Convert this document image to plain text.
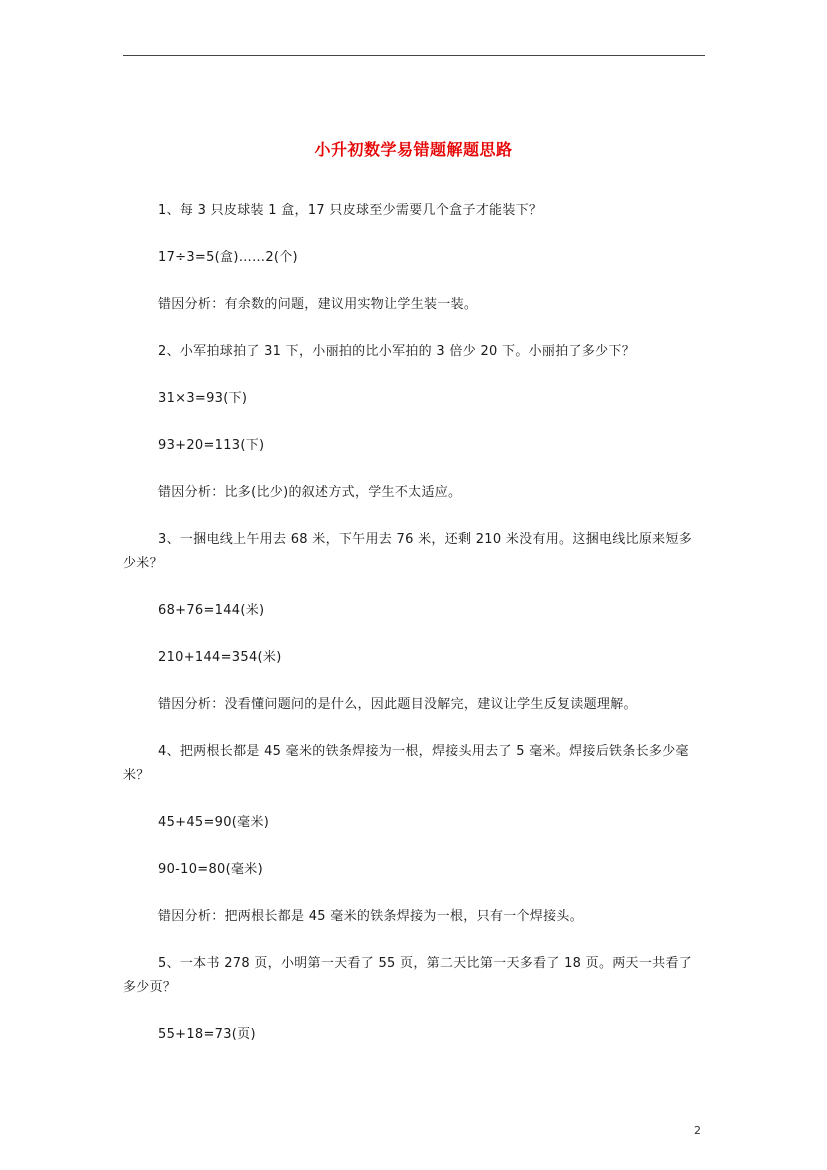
小升初数学易错题解题思路

1、每 3 只皮球装 1 盒，17 只皮球至少需要几个盒子才能装下？

17÷3=5(盒)……2(个)

错因分析：有余数的问题，建议用实物让学生装一装。

2、小军拍球拍了 31 下，小丽拍的比小军拍的 3 倍少 20 下。小丽拍了多少下？

31×3=93(下)

93+20=113(下)

错因分析：比多(比少)的叙述方式，学生不太适应。

3、一捆电线上午用去 68 米，下午用去 76 米，还剩 210 米没有用。这捆电线比原来短多少米？

68+76=144(米)

210+144=354(米)

错因分析：没看懂问题问的是什么，因此题目没解完，建议让学生反复读题理解。

4、把两根长都是 45 毫米的铁条焊接为一根，焊接头用去了 5 毫米。焊接后铁条长多少毫米？

45+45=90(毫米)

90-10=80(毫米)

错因分析：把两根长都是 45 毫米的铁条焊接为一根，只有一个焊接头。

5、一本书 278 页，小明第一天看了 55 页，第二天比第一天多看了 18 页。两天一共看了多少页？

55+18=73(页)

2
